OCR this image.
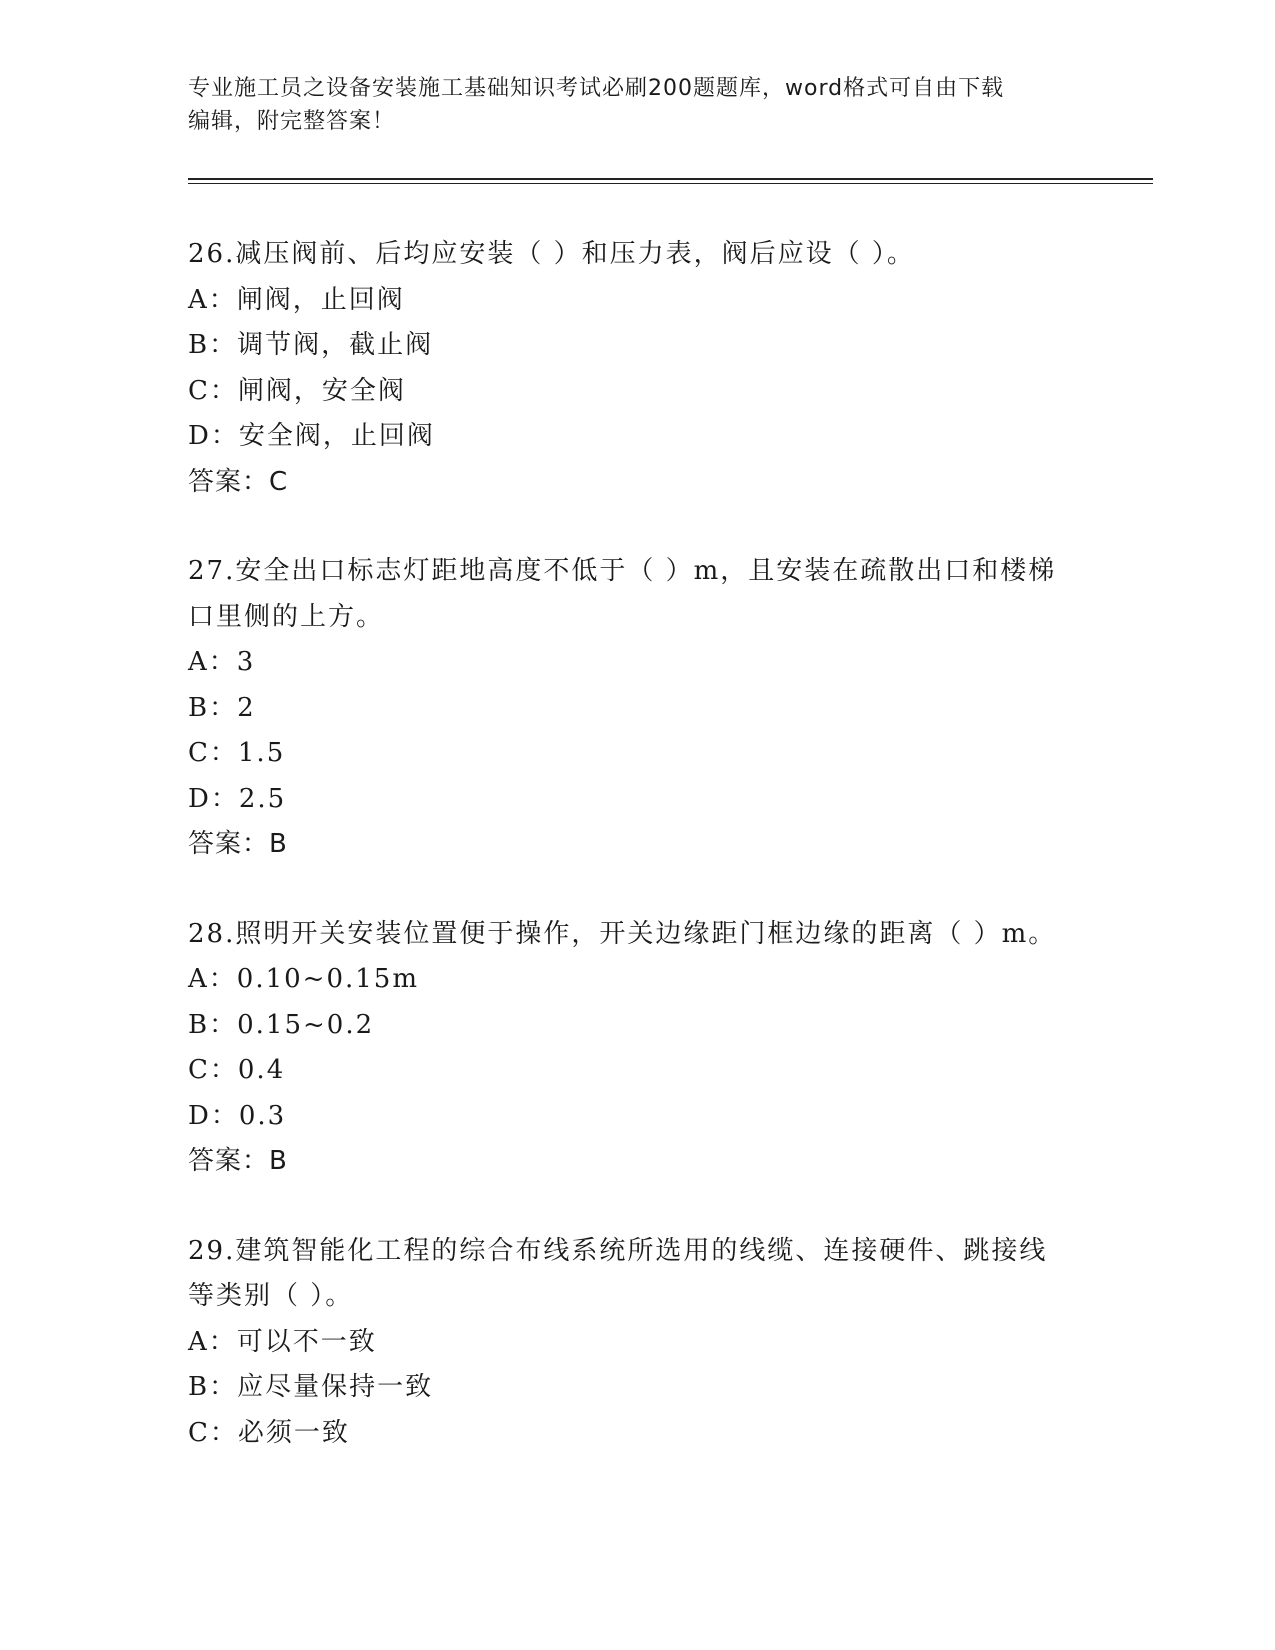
专业施工员之设备安装施工基础知识考试必刷200题题库，word格式可自由下载
编辑，附完整答案！
26.减压阀前、后均应安装（ ）和压力表，阀后应设（ ）。
A：闸阀，止回阀
B：调节阀，截止阀
C：闸阀，安全阀
D：安全阀，止回阀
答案：C
27.安全出口标志灯距地高度不低于（ ）m，且安装在疏散出口和楼梯口里侧的上方。
A：3
B：2
C：1.5
D：2.5
答案：B
28.照明开关安装位置便于操作，开关边缘距门框边缘的距离（ ）m。
A：0.10~0.15m
B：0.15~0.2
C：0.4
D：0.3
答案：B
29.建筑智能化工程的综合布线系统所选用的线缆、连接硬件、跳接线等类别（ ）。
A：可以不一致
B：应尽量保持一致
C：必须一致
